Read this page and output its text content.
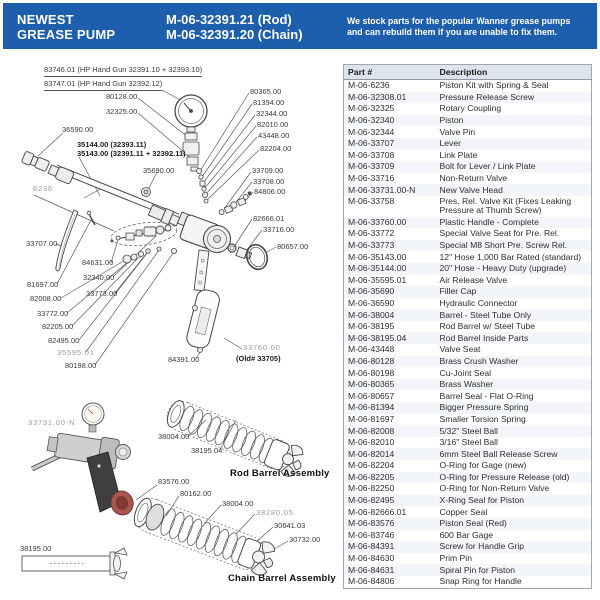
NEWEST
GREASE PUMP
M-06-32391.21 (Rod)
M-06-32391.20 (Chain)
We stock parts for the popular Wanner grease pumps
and can rebuild them if you are unable to fix them.
83746.01 (HP Hand Gun 32391.10 + 32393.10)
83747.01 (HP Hand Gun 32392.12)
80128.00
32325.00
36590.00
35144.00 (32393.11)
35143.00 (32391.11 + 32392.11)
35690.00
6236
80365.00
81394.00
32344.00
82010.00
43448.00
82204.00
33709.00
33708.00
84806.00
82666.01
33716.00
33707.00	80657.00
84631.00
32340.00
81697.00
33773.00
82008.00
33772.00
82205.00
82495.00
35595.01
80198.00
84391.00
33760.00
(Old# 33705)
33731.00-N
38004.00
38195.04
Rod Barrel Assembly
83576.00
80162.00
38004.00
38280.05
30641.03
30732.00
Chain Barrel Assembly
38195.00
Part #	Description
M-06-6236	Piston Kit with Spring & Seal
M-06-32308.01	Pressure Release Screw
M-06-32325	Rotary Coupling
M-06-32340	Piston
M-06-32344	Valve Pin
M-06-33707	Lever
M-06-33708	Link Plate
M-06-33709	Bolt for Lever / Link Plate
M-06-33716	Non-Return Valve
M-06-33731.00-N	New Valve Head
M-06-33758	Pres. Rel. Valve Kit (Fixes Leaking Pressure at Thumb Screw)
M-06-33760.00	Plastic Handle - Complete
M-06-33772	Special Valve Seat for Pre. Rel.
M-06-33773	Special M8 Short Pre. Screw Rel.
M-06-35143.00	12" Hose 1,000 Bar Rated (standard)
M-06-35144.00	20" Hose - Heavy Duty (upgrade)
M-06-35595.01	Air Release Valve
M-06-35690	Filler Cap
M-06-36590	Hydraulic Connector
M-06-38004	Barrel - Steel Tube Only
M-06-38195	Rod Barrel w/ Steel Tube
M-06-38195.04	Rod Barrel Inside Parts
M-06-43448	Valve Seat
M-06-80128	Brass Crush Washer
M-06-80198	Cu-Joint Seal
M-06-80365	Brass Washer
M-06-80657	Barrel Seal - Flat O-Ring
M-06-81394	Bigger Pressure Spring
M-06-81697	Smaller Torsion Spring
M-06-82008	5/32" Steel Ball
M-06-82010	3/16" Steel Ball
M-06-82014	6mm Steel Ball Release Screw
M-06-82204	O-Ring for Gage (new)
M-06-82205	O-Ring for Pressure Release (old)
M-06-82250	O-Ring for Non-Return Valve
M-06-82495	X-Ring Seal for Piston
M-06-82666.01	Copper Seal
M-06-83576	Piston Seal (Red)
M-06-83746	600 Bar Gage
M-06-84391	Screw for Handle Grip
M-06-84630	Prim Pin
M-06-84631	Spiral Pin for Piston
M-06-84806	Snap Ring for Handle
